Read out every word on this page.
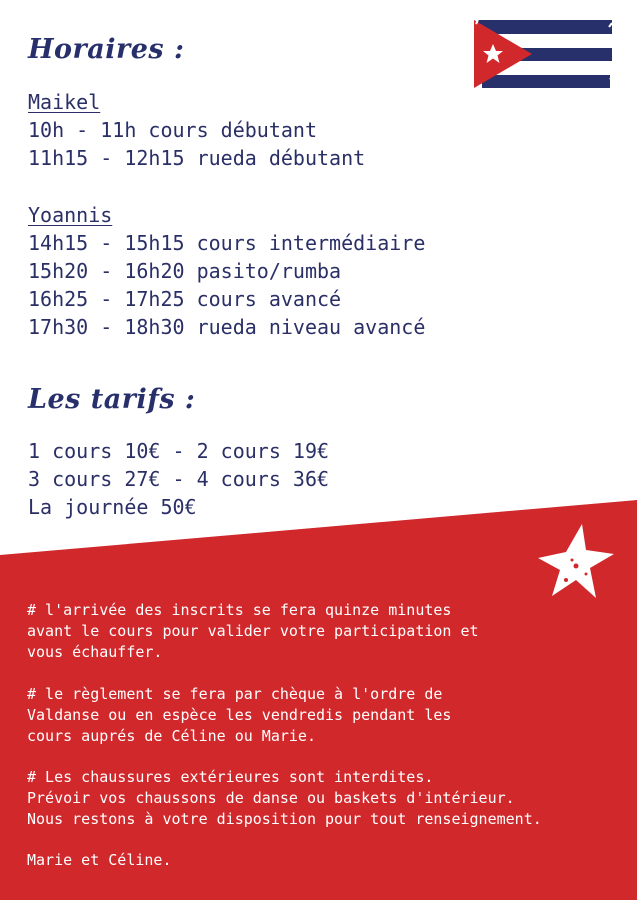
Horaires :
Maikel
10h - 11h cours débutant
11h15 - 12h15 rueda débutant
Yoannis
14h15 - 15h15 cours intermédiaire
15h20 - 16h20 pasito/rumba
16h25 - 17h25 cours avancé
17h30 - 18h30 rueda niveau avancé
Les tarifs :
1 cours 10€ - 2 cours 19€
3 cours 27€ - 4 cours 36€
La journée 50€
# l'arrivée des inscrits se fera quinze minutes
avant le cours pour valider votre participation et
vous échauffer.
# le règlement se fera par chèque à l'ordre de
Valdanse ou en espèce les vendredis pendant les
cours auprés de Céline ou Marie.
# Les chaussures extérieures sont interdites.
Prévoir vos chaussons de danse ou baskets d'intérieur.
Nous restons à votre disposition pour tout renseignement.
Marie et Céline.
